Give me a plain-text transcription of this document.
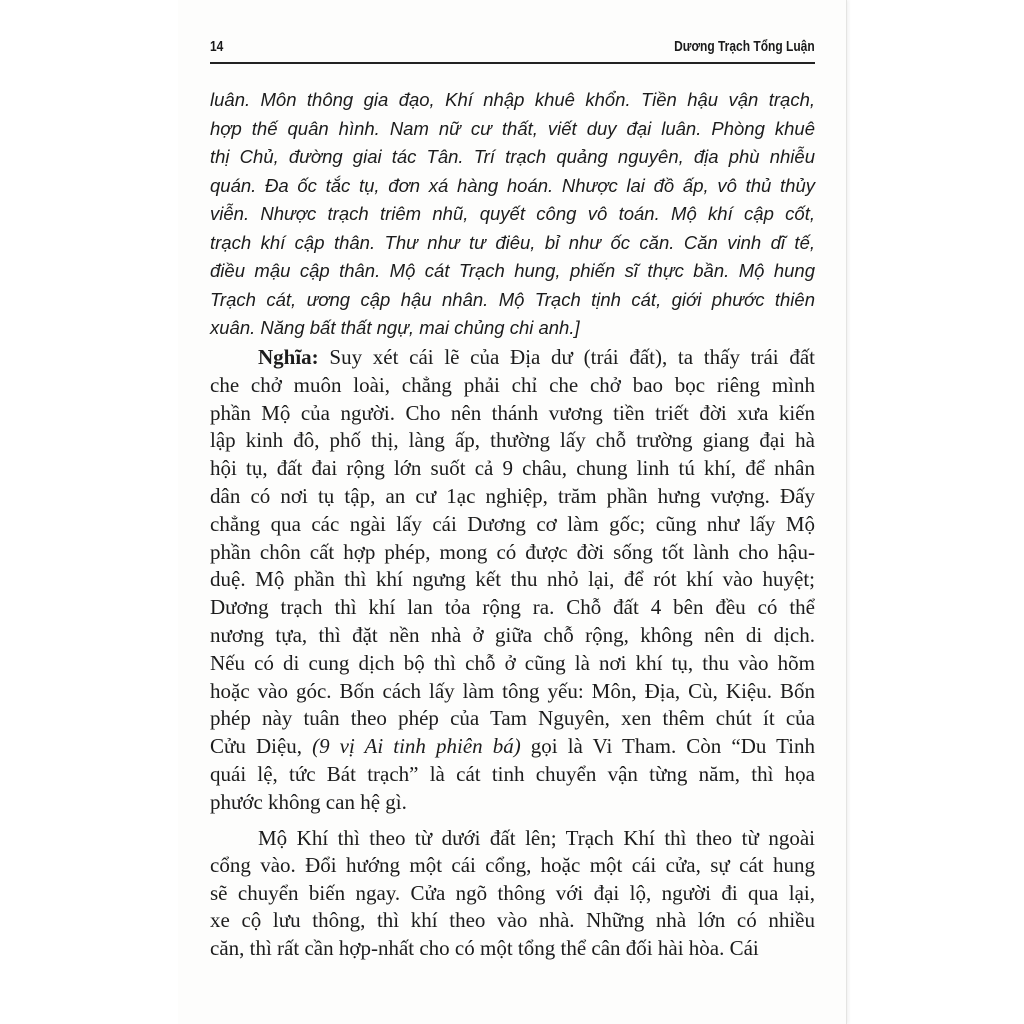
14	Dương Trạch Tổng Luận
luân. Môn thông gia đạo, Khí nhập khuê khổn. Tiền hậu vận trạch,
hợp thế quân hình. Nam nữ cư thất, viết duy đại luân. Phòng khuê
thị Chủ, đường giai tác Tân. Trí trạch quảng nguyên, địa phù nhiễu
quán. Đa ốc tắc tụ, đơn xá hàng hoán. Nhược lai đồ ấp, vô thủ thủy
viễn. Nhược trạch triêm nhũ, quyết công vô toán. Mộ khí cập cốt,
trạch khí cập thân. Thư như tư điêu, bỉ như ốc căn. Căn vinh dĩ tế,
điều mậu cập thân. Mộ cát Trạch hung, phiến sĩ thực bần. Mộ hung
Trạch cát, ương cập hậu nhân. Mộ Trạch tịnh cát, giới phước thiên
xuân. Năng bất thất ngự, mai chủng chi anh.]
Nghĩa: Suy xét cái lẽ của Địa dư (trái đất), ta thấy trái đất
che chở muôn loài, chẳng phải chỉ che chở bao bọc riêng mình
phần Mộ của người. Cho nên thánh vương tiền triết đời xưa kiến
lập kinh đô, phố thị, làng ấp, thường lấy chỗ trường giang đại hà
hội tụ, đất đai rộng lớn suốt cả 9 châu, chung linh tú khí, để nhân
dân có nơi tụ tập, an cư 1ạc nghiệp, trăm phần hưng vượng. Đấy
chẳng qua các ngài lấy cái Dương cơ làm gốc; cũng như lấy Mộ
phần chôn cất hợp phép, mong có được đời sống tốt lành cho hậu-
duệ. Mộ phần thì khí ngưng kết thu nhỏ lại, để rót khí vào huyệt;
Dương trạch thì khí lan tỏa rộng ra. Chỗ đất 4 bên đều có thể
nương tựa, thì đặt nền nhà ở giữa chỗ rộng, không nên di dịch.
Nếu có di cung dịch bộ thì chỗ ở cũng là nơi khí tụ, thu vào hõm
hoặc vào góc. Bốn cách lấy làm tông yếu: Môn, Địa, Cù, Kiệu. Bốn
phép này tuân theo phép của Tam Nguyên, xen thêm chút ít của
Cửu Diệu, (9 vị Ai tinh phiên bá) gọi là Vi Tham. Còn “Du Tinh
quái lệ, tức Bát trạch” là cát tinh chuyển vận từng năm, thì họa
phước không can hệ gì.
Mộ Khí thì theo từ dưới đất lên; Trạch Khí thì theo từ ngoài
cổng vào. Đổi hướng một cái cổng, hoặc một cái cửa, sự cát hung
sẽ chuyển biến ngay. Cửa ngõ thông với đại lộ, người đi qua lại,
xe cộ lưu thông, thì khí theo vào nhà. Những nhà lớn có nhiều
căn, thì rất cần hợp-nhất cho có một tổng thể cân đối hài hòa. Cái
